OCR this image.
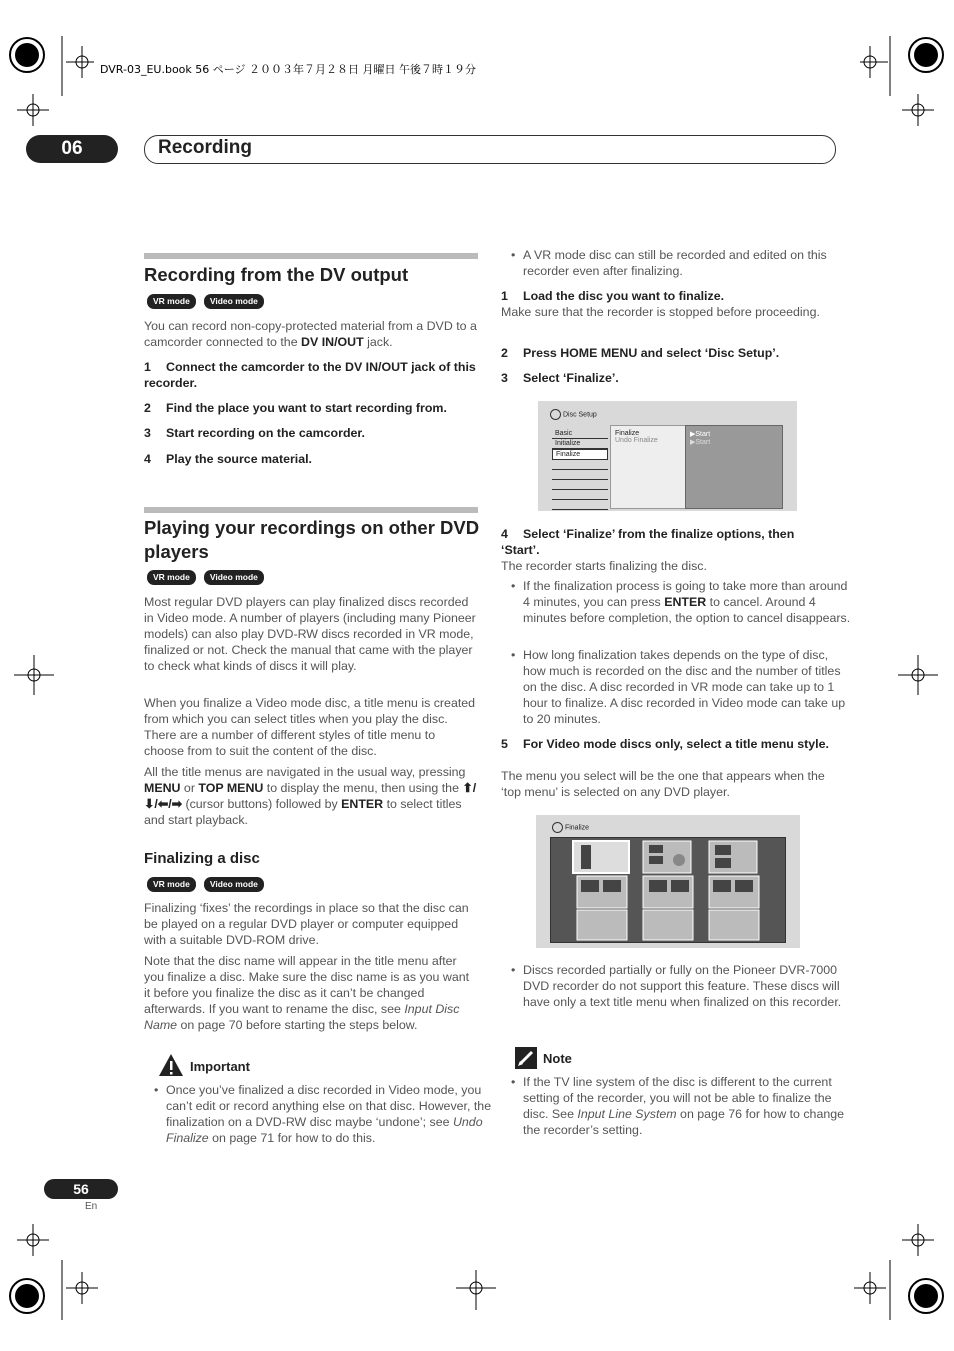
DVR-03_EU.book 56 ページ ２００３年７月２８日 月曜日 午後７時１９分
06	Recording
Recording from the DV output
VR mode	Video mode

You can record non-copy-protected material from a DVD to a camcorder connected to the DV IN/OUT jack.

1 Connect the camcorder to the DV IN/OUT jack of this recorder.

2 Find the place you want to start recording from.

3 Start recording on the camcorder.

4 Play the source material.

Playing your recordings on other DVD players
VR mode	Video mode

Most regular DVD players can play finalized discs recorded in Video mode. A number of players (including many Pioneer models) can also play DVD-RW discs recorded in VR mode, finalized or not. Check the manual that came with the player to check what kinds of discs it will play.

When you finalize a Video mode disc, a title menu is created from which you can select titles when you play the disc. There are a number of different styles of title menu to choose from to suit the content of the disc.

All the title menus are navigated in the usual way, pressing MENU or TOP MENU to display the menu, then using the ⬆/⬇/⬅/➡ (cursor buttons) followed by ENTER to select titles and start playback.

Finalizing a disc
VR mode	Video mode

Finalizing ‘fixes’ the recordings in place so that the disc can be played on a regular DVD player or computer equipped with a suitable DVD-ROM drive.

Note that the disc name will appear in the title menu after you finalize a disc. Make sure the disc name is as you want it before you finalize the disc as it can’t be changed afterwards. If you want to rename the disc, see Input Disc Name on page 70 before starting the steps below.

Important

• Once you’ve finalized a disc recorded in Video mode, you can’t edit or record anything else on that disc. However, the finalization on a DVD-RW disc maybe ‘undone’; see Undo Finalize on page 71 for how to do this.

• A VR mode disc can still be recorded and edited on this recorder even after finalizing.

1 Load the disc you want to finalize.

Make sure that the recorder is stopped before proceeding.

2 Press HOME MENU and select ‘Disc Setup’.

3 Select ‘Finalize’.

Disc Setup
Basic
Initialize
Finalize
Finalize
Undo Finalize
▶Start
▶Start

4 Select ‘Finalize’ from the finalize options, then ‘Start’.

The recorder starts finalizing the disc.

• If the finalization process is going to take more than around 4 minutes, you can press ENTER to cancel. Around 4 minutes before completion, the option to cancel disappears.

• How long finalization takes depends on the type of disc, how much is recorded on the disc and the number of titles on the disc. A disc recorded in VR mode can take up to 1 hour to finalize. A disc recorded in Video mode can take up to 20 minutes.

5 For Video mode discs only, select a title menu style.

The menu you select will be the one that appears when the ‘top menu’ is selected on any DVD player.

Finalize

• Discs recorded partially or fully on the Pioneer DVR-7000 DVD recorder do not support this feature. These discs will have only a text title menu when finalized on this recorder.

Note

• If the TV line system of the disc is different to the current setting of the recorder, you will not be able to finalize the disc. See Input Line System on page 76 for how to change the recorder’s setting.

56
En
